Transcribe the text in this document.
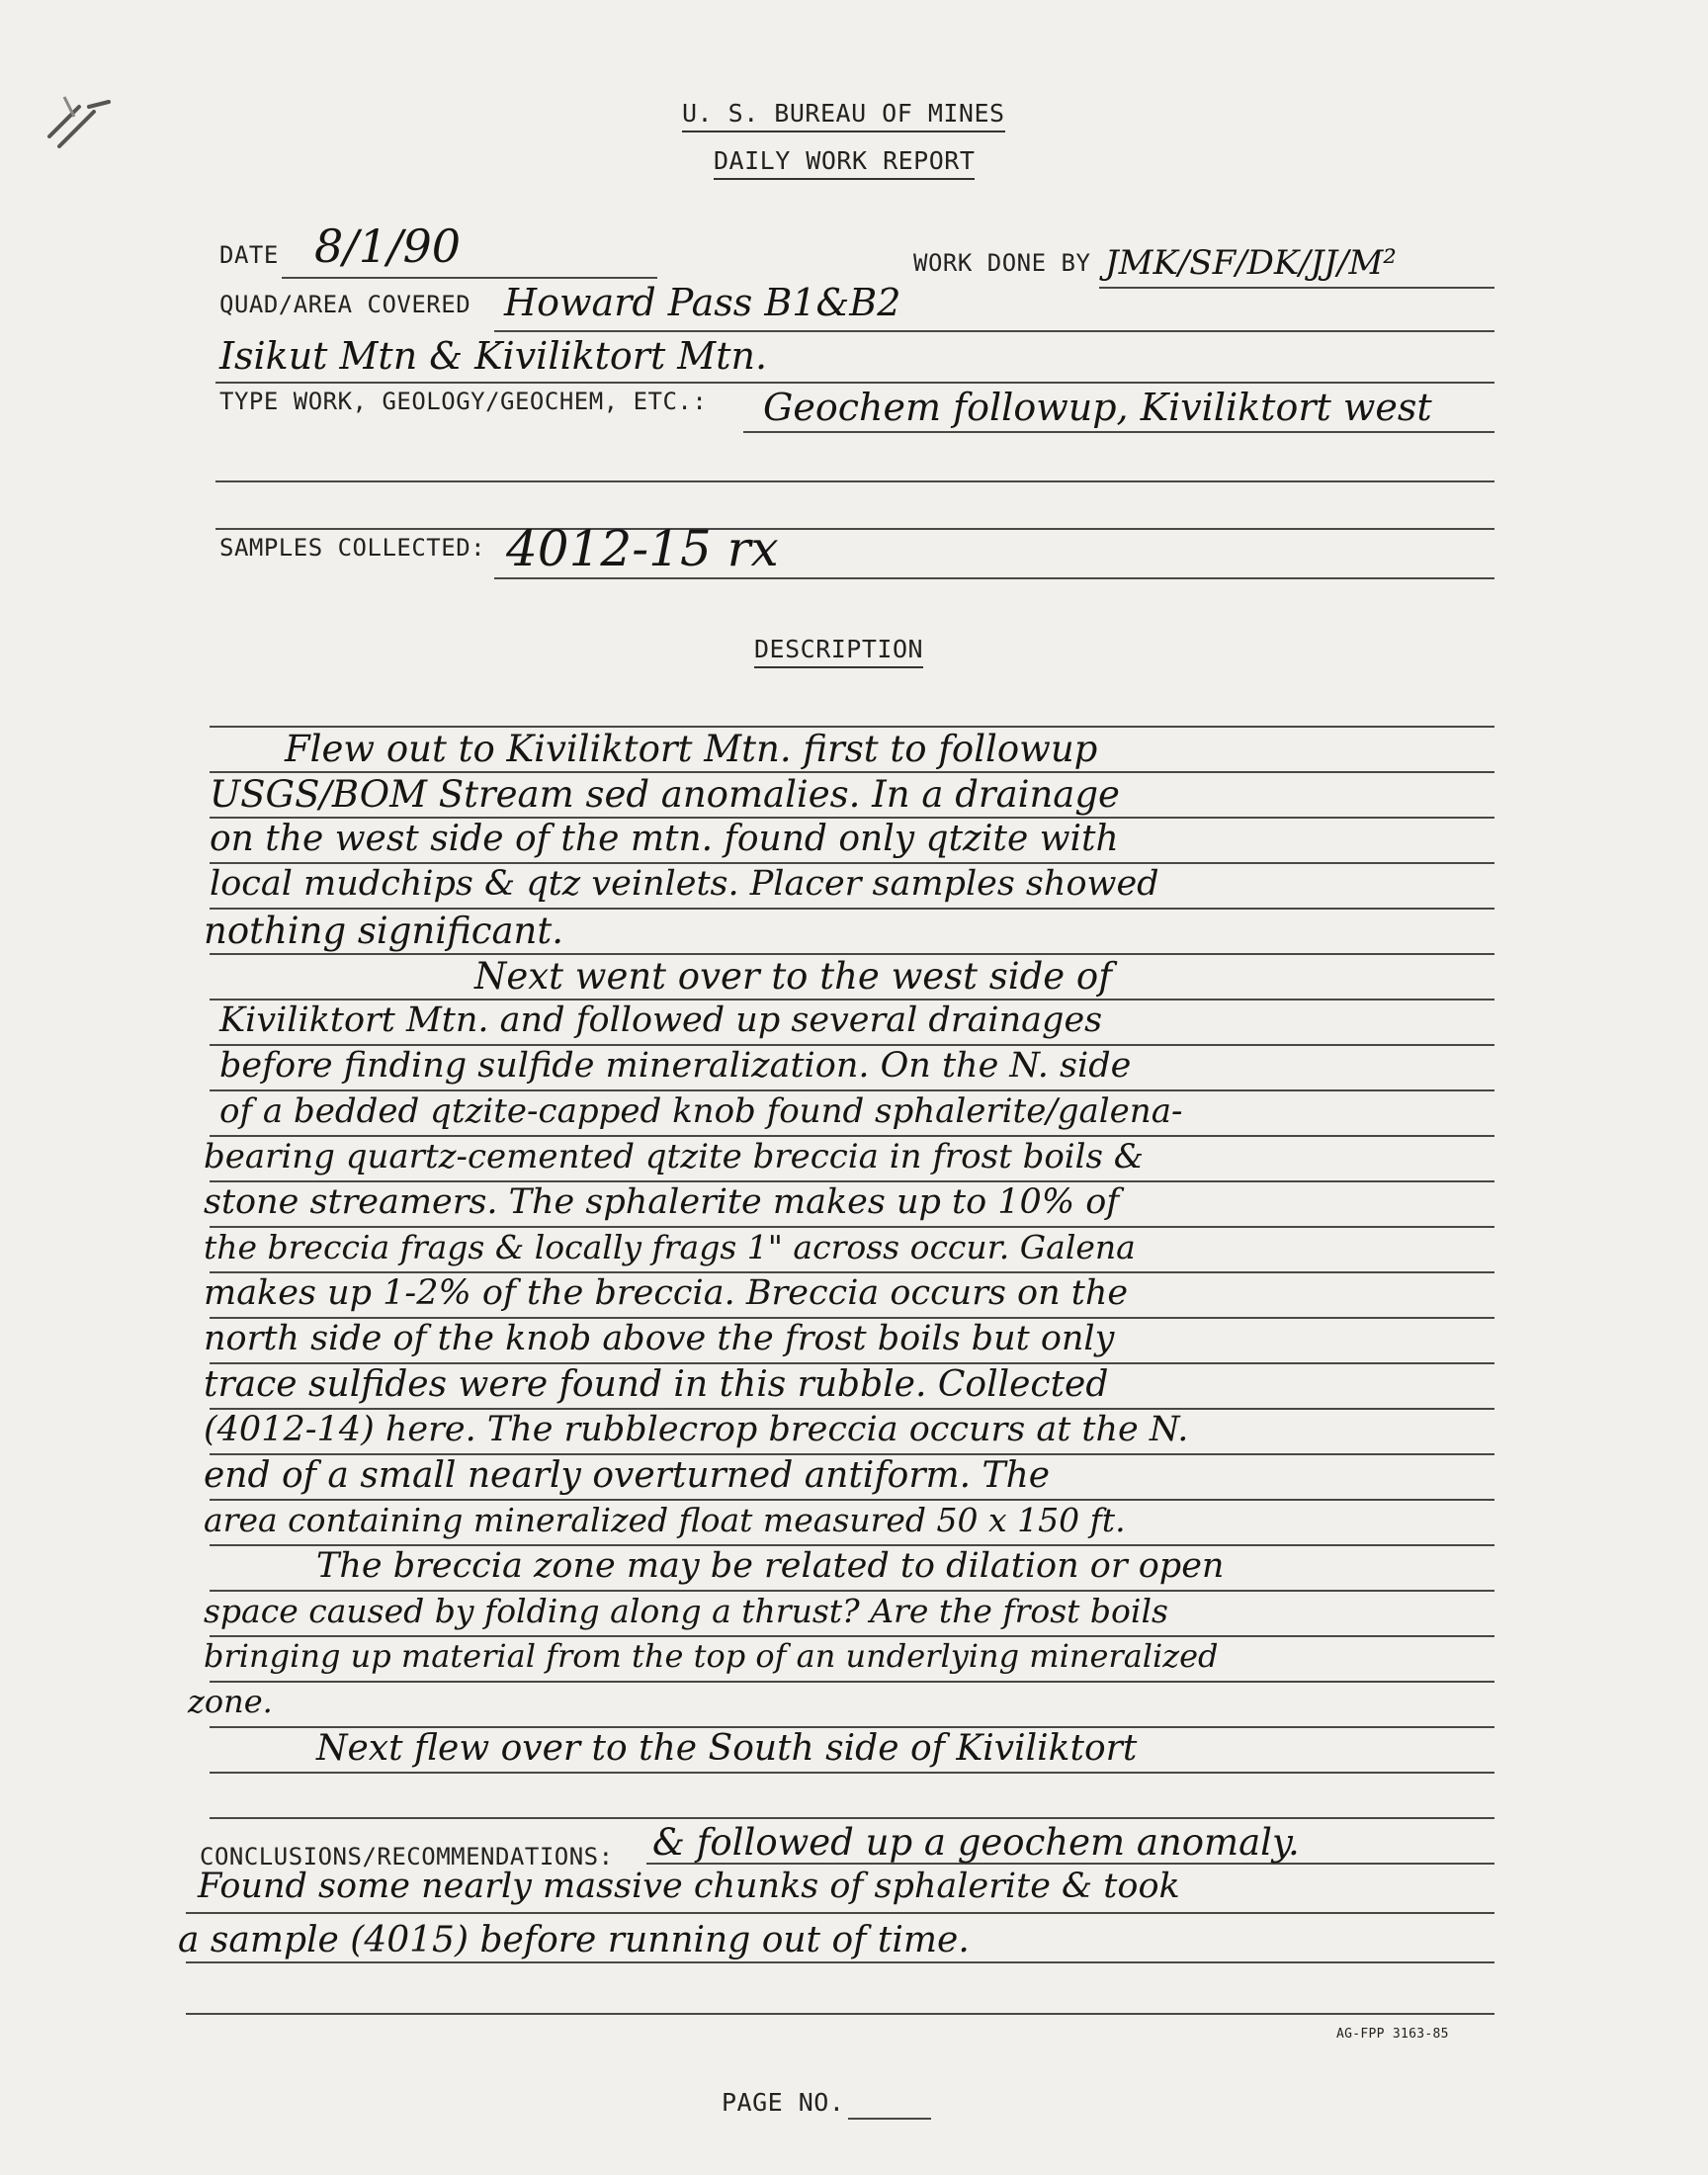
U. S. BUREAU OF MINES
DAILY WORK REPORT
DATE 8/1/90	WORK DONE BY JMK/SF/DK/JJ/M²
QUAD/AREA COVERED Howard Pass B1&B2
Isikut Mtn & Kiviliktort Mtn.
TYPE WORK, GEOLOGY/GEOCHEM, ETC.: Geochem followup, Kiviliktort west
SAMPLES COLLECTED: 4012-15 rx
DESCRIPTION
Flew out to Kiviliktort Mtn. first to followup
USGS/BOM Stream sed anomalies. In a drainage
on the west side of the mtn. found only qtzite with
local mudchips & qtz veinlets. Placer samples showed
nothing significant.
Next went over to the west side of
Kiviliktort Mtn. and followed up several drainages
before finding sulfide mineralization. On the N. side
of a bedded qtzite-capped knob found sphalerite/galena-
bearing quartz-cemented qtzite breccia in frost boils &
stone streamers. The sphalerite makes up to 10% of
the breccia frags & locally frags 1" across occur. Galena
makes up 1-2% of the breccia. Breccia occurs on the
north side of the knob above the frost boils but only
trace sulfides were found in this rubble. Collected
(4012-14) here. The rubblecrop breccia occurs at the N.
end of a small nearly overturned antiform. The
area containing mineralized float measured 50 x 150 ft.
The breccia zone may be related to dilation or open
space caused by folding along a thrust? Are the frost boils
bringing up material from the top of an underlying mineralized
zone.
Next flew over to the South side of Kiviliktort
CONCLUSIONS/RECOMMENDATIONS: & followed up a geochem anomaly.
Found some nearly massive chunks of sphalerite & took
a sample (4015) before running out of time.
AG-FPP 3163-85
PAGE NO.
